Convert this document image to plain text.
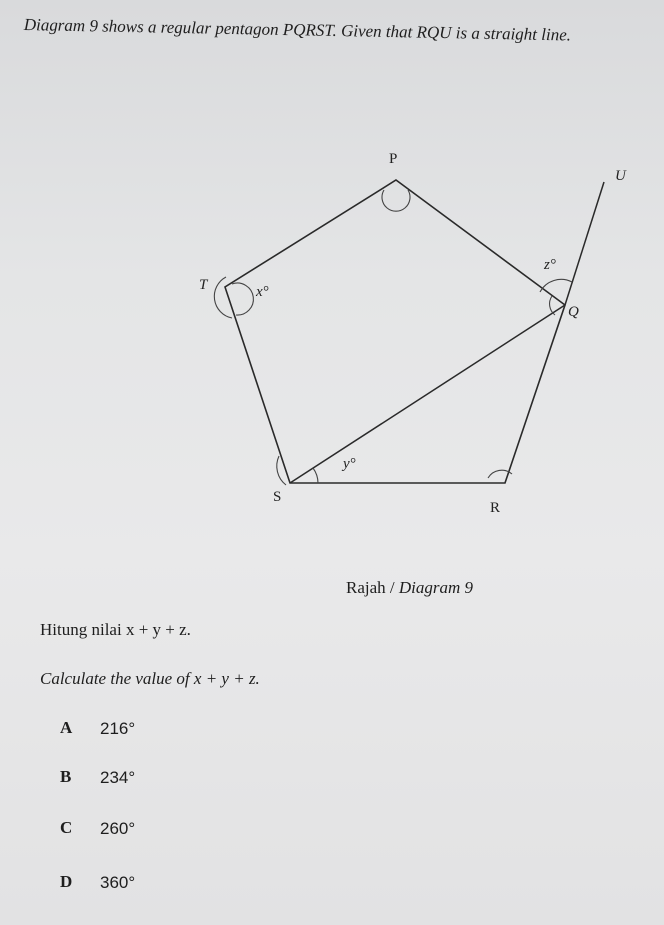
Diagram 9 shows a regular pentagon PQRST. Given that RQU is a straight line.
P
U
T
Q
S
R
x°
y°
z°
Rajah / Diagram 9
Hitung nilai x + y + z.
Calculate the value of x + y + z.
A 216°
B 234°
C 260°
D 360°
